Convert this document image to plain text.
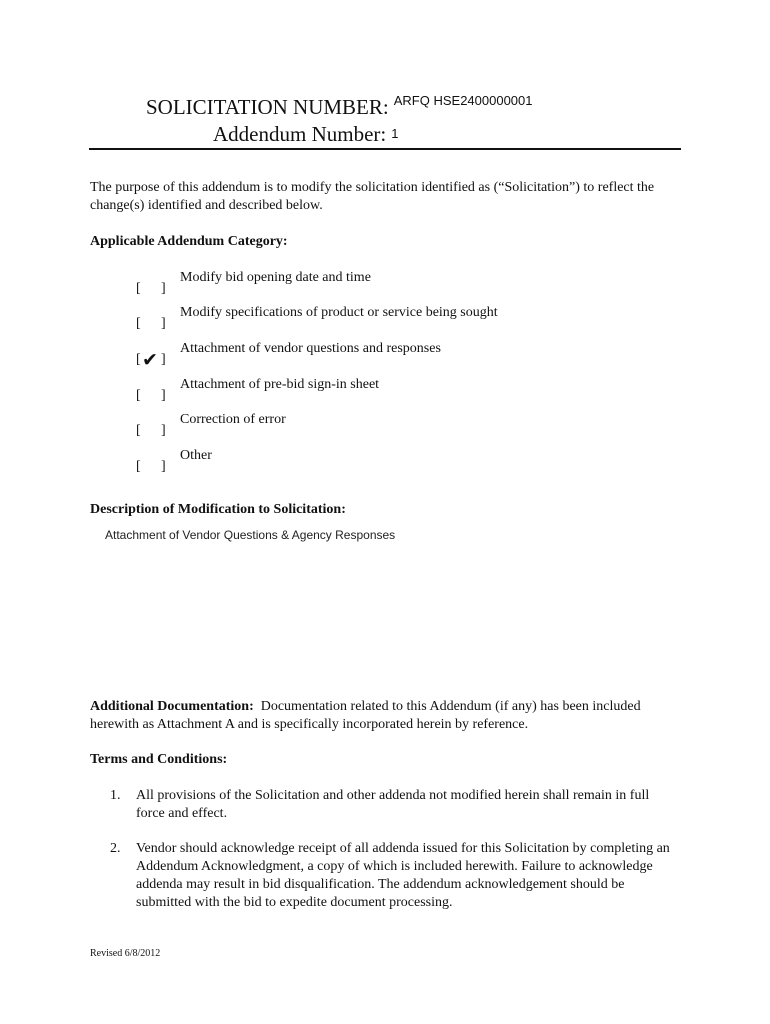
SOLICITATION NUMBER: $^{ARFQ HSE2400000001}$
Addendum Number: 1
The purpose of this addendum is to modify the solicitation identified as (“Solicitation”) to reflect the change(s) identified and described below.
Applicable Addendum Category:
[ ]
Modify bid opening date and time
[ ]
Modify specifications of product or service being sought
[ ✔ ]
Attachment of vendor questions and responses
[ ]
Attachment of pre-bid sign-in sheet
[ ]
Correction of error
[ ]
Other
Description of Modification to Solicitation:
Attachment of Vendor Questions & Agency Responses
Additional Documentation: Documentation related to this Addendum (if any) has been included herewith as Attachment A and is specifically incorporated herein by reference.
Terms and Conditions:
1. All provisions of the Solicitation and other addenda not modified herein shall remain in full force and effect.
2. Vendor should acknowledge receipt of all addenda issued for this Solicitation by completing an Addendum Acknowledgment, a copy of which is included herewith. Failure to acknowledge addenda may result in bid disqualification. The addendum acknowledgement should be submitted with the bid to expedite document processing.
Revised 6/8/2012
